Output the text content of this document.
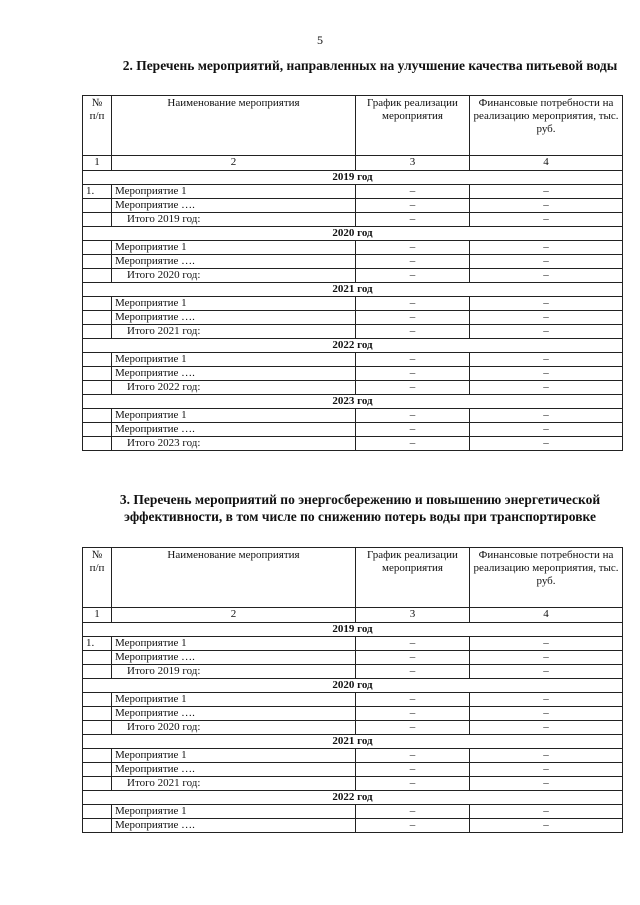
5
2. Перечень мероприятий, направленных на улучшение качества питьевой воды
№ п/п	Наименование мероприятия	График реализации мероприятия	Финансовые потребности на реализацию мероприятия, тыс. руб.
1	2	3	4
2019 год			
1.	Мероприятие 1	–	–
	Мероприятие ….	–	–
	Итого 2019 год:	–	–
2020 год			
	Мероприятие 1	–	–
	Мероприятие ….	–	–
	Итого 2020 год:	–	–
2021 год			
	Мероприятие 1	–	–
	Мероприятие ….	–	–
	Итого 2021 год:	–	–
2022 год			
	Мероприятие 1	–	–
	Мероприятие ….	–	–
	Итого 2022 год:	–	–
2023 год			
	Мероприятие 1	–	–
	Мероприятие ….	–	–
	Итого 2023 год:	–	–
3. Перечень мероприятий по энергосбережению и повышению энергетической эффективности, в том числе по снижению потерь воды при транспортировке
№ п/п	Наименование мероприятия	График реализации мероприятия	Финансовые потребности на реализацию мероприятия, тыс. руб.
1	2	3	4
2019 год			
1.	Мероприятие 1	–	–
	Мероприятие ….	–	–
	Итого 2019 год:	–	–
2020 год			
	Мероприятие 1	–	–
	Мероприятие ….	–	–
	Итого 2020 год:	–	–
2021 год			
	Мероприятие 1	–	–
	Мероприятие ….	–	–
	Итого 2021 год:	–	–
2022 год			
	Мероприятие 1	–	–
	Мероприятие ….	–	–
